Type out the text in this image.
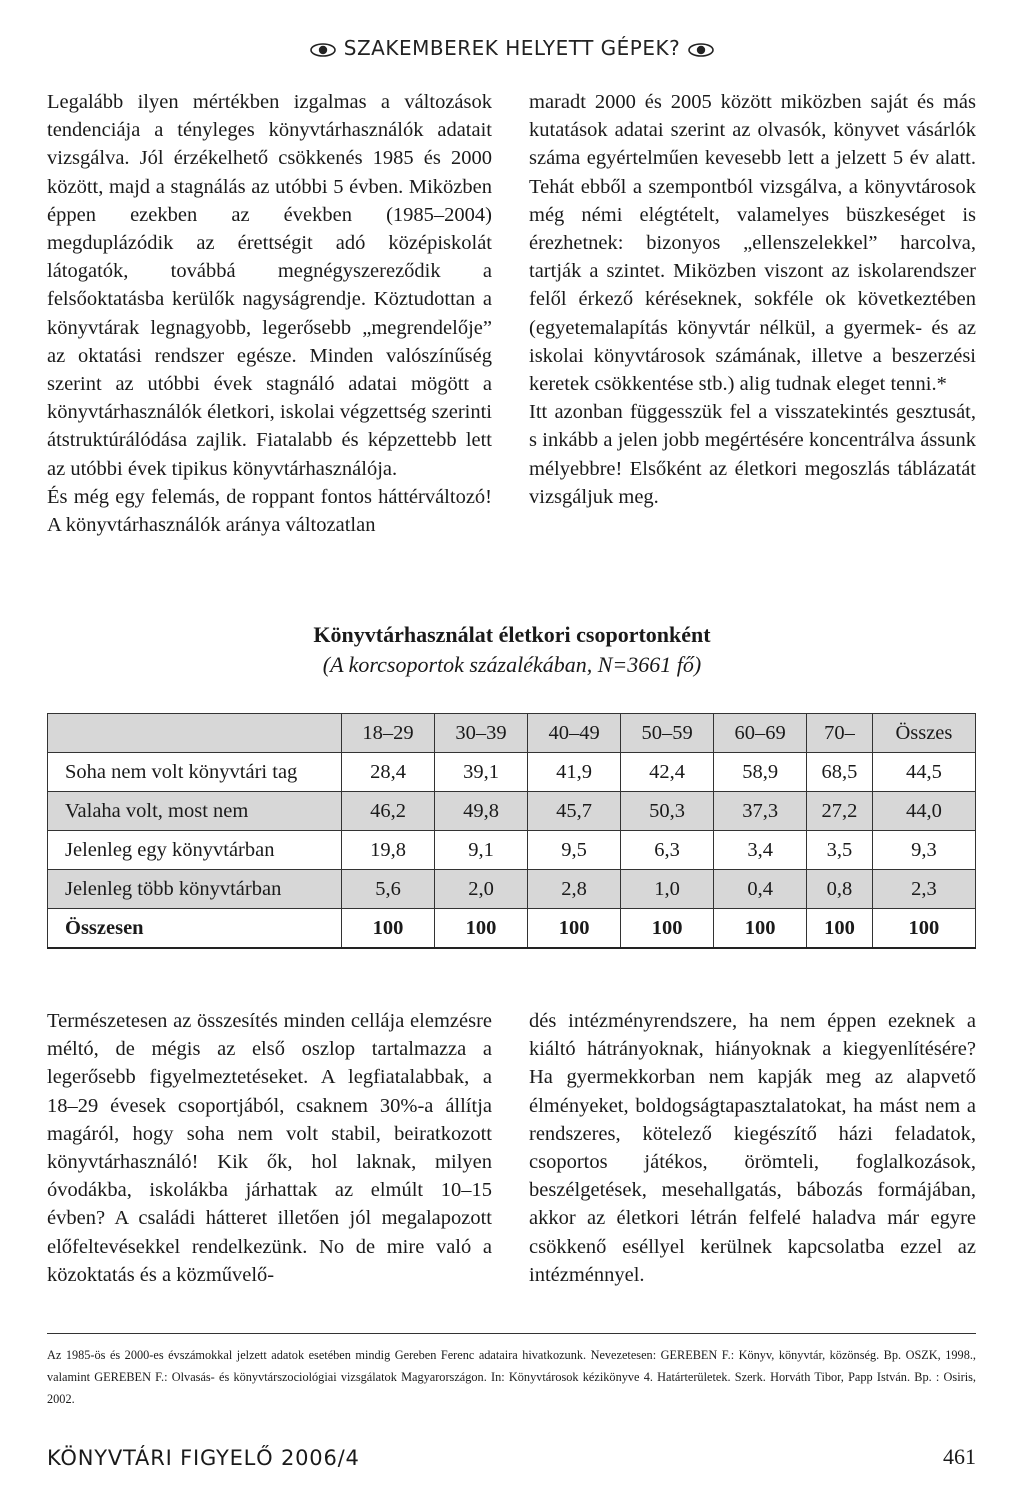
SZAKEMBEREK HELYETT GÉPEK?

Legalább ilyen mértékben izgalmas a változások tendenciája a tényleges könyvtárhasználók adatait vizsgálva. Jól érzékelhető csökkenés 1985 és 2000 között, majd a stagnálás az utóbbi 5 évben. Miközben éppen ezekben az években (1985–2004) megduplázódik az érettségit adó középiskolát látogatók, továbbá megnégyszereződik a felsőoktatásba kerülők nagyságrendje. Köztudottan a könyvtárak legnagyobb, legerősebb „megrendelője” az oktatási rendszer egésze. Minden valószínűség szerint az utóbbi évek stagnáló adatai mögött a könyvtárhasználók életkori, iskolai végzettség szerinti átstruktúrálódása zajlik. Fiatalabb és képzettebb lett az utóbbi évek tipikus könyvtárhasználója.

És még egy felemás, de roppant fontos háttérváltozó! A könyvtárhasználók aránya változatlan

maradt 2000 és 2005 között miközben saját és más kutatások adatai szerint az olvasók, könyvet vásárlók száma egyértelműen kevesebb lett a jelzett 5 év alatt. Tehát ebből a szempontból vizsgálva, a könyvtárosok még némi elégtételt, valamelyes büszkeséget is érezhetnek: bizonyos „ellenszelekkel” harcolva, tartják a szintet. Miközben viszont az iskolarendszer felől érkező kéréseknek, sokféle ok következtében (egyetemalapítás könyvtár nélkül, a gyermek- és az iskolai könyvtárosok számának, illetve a beszerzési keretek csökkentése stb.) alig tudnak eleget tenni.*

Itt azonban függesszük fel a visszatekintés gesztusát, s inkább a jelen jobb megértésére koncentrálva ássunk mélyebbre! Elsőként az életkori megoszlás táblázatát vizsgáljuk meg.

Könyvtárhasználat életkori csoportonként
(A korcsoportok százalékában, N=3661 fő)
	18–29	30–39	40–49	50–59	60–69	70–	Összes
Soha nem volt könyvtári tag	28,4	39,1	41,9	42,4	58,9	68,5	44,5
Valaha volt, most nem	46,2	49,8	45,7	50,3	37,3	27,2	44,0
Jelenleg egy könyvtárban	19,8	9,1	9,5	6,3	3,4	3,5	9,3
Jelenleg több könyvtárban	5,6	2,0	2,8	1,0	0,4	0,8	2,3
Összesen	100	100	100	100	100	100	100

Természetesen az összesítés minden cellája elemzésre méltó, de mégis az első oszlop tartalmazza a legerősebb figyelmeztetéseket. A legfiatalabbak, a 18–29 évesek csoportjából, csaknem 30%-a állítja magáról, hogy soha nem volt stabil, beiratkozott könyvtárhasználó! Kik ők, hol laknak, milyen óvodákba, iskolákba járhattak az elmúlt 10–15 évben? A családi hátteret illetően jól megalapozott előfeltevésekkel rendelkezünk. No de mire való a közoktatás és a közművelő-

dés intézményrendszere, ha nem éppen ezeknek a kiáltó hátrányoknak, hiányoknak a kiegyenlítésére? Ha gyermekkorban nem kapják meg az alapvető élményeket, boldogságtapasztalatokat, ha mást nem a rendszeres, kötelező kiegészítő házi feladatok, csoportos játékos, örömteli, foglalkozások, beszélgetések, mesehallgatás, bábozás formájában, akkor az életkori létrán felfelé haladva már egyre csökkenő eséllyel kerülnek kapcsolatba ezzel az intézménnyel.

Az 1985-ös és 2000-es évszámokkal jelzett adatok esetében mindig Gereben Ferenc adataira hivatkozunk. Nevezetesen: GEREBEN F.: Könyv, könyvtár, közönség. Bp. OSZK, 1998., valamint GEREBEN F.: Olvasás- és könyvtárszociológiai vizsgálatok Magyarországon. In: Könyvtárosok kézikönyve 4. Határterületek. Szerk. Horváth Tibor, Papp István. Bp. : Osiris, 2002.
KÖNYVTÁRI FIGYELŐ 2006/4	461
